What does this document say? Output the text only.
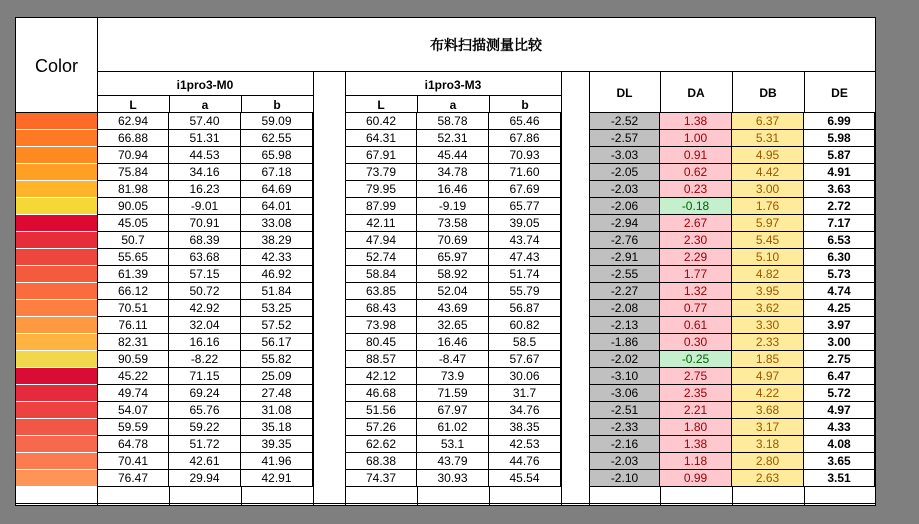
布料扫描测量比较
Color
i1pro3-M0	i1pro3-M3
L	a	b	L	a	b
DL	DA	DB	DE
62.94	57.40	59.09	60.42	58.78	65.46	-2.52	1.38	6.37	6.99
66.88	51.31	62.55	64.31	52.31	67.86	-2.57	1.00	5.31	5.98
70.94	44.53	65.98	67.91	45.44	70.93	-3.03	0.91	4.95	5.87
75.84	34.16	67.18	73.79	34.78	71.60	-2.05	0.62	4.42	4.91
81.98	16.23	64.69	79.95	16.46	67.69	-2.03	0.23	3.00	3.63
90.05	-9.01	64.01	87.99	-9.19	65.77	-2.06	-0.18	1.76	2.72
45.05	70.91	33.08	42.11	73.58	39.05	-2.94	2.67	5.97	7.17
50.7	68.39	38.29	47.94	70.69	43.74	-2.76	2.30	5.45	6.53
55.65	63.68	42.33	52.74	65.97	47.43	-2.91	2.29	5.10	6.30
61.39	57.15	46.92	58.84	58.92	51.74	-2.55	1.77	4.82	5.73
66.12	50.72	51.84	63.85	52.04	55.79	-2.27	1.32	3.95	4.74
70.51	42.92	53.25	68.43	43.69	56.87	-2.08	0.77	3.62	4.25
76.11	32.04	57.52	73.98	32.65	60.82	-2.13	0.61	3.30	3.97
82.31	16.16	56.17	80.45	16.46	58.5	-1.86	0.30	2.33	3.00
90.59	-8.22	55.82	88.57	-8.47	57.67	-2.02	-0.25	1.85	2.75
45.22	71.15	25.09	42.12	73.9	30.06	-3.10	2.75	4.97	6.47
49.74	69.24	27.48	46.68	71.59	31.7	-3.06	2.35	4.22	5.72
54.07	65.76	31.08	51.56	67.97	34.76	-2.51	2.21	3.68	4.97
59.59	59.22	35.18	57.26	61.02	38.35	-2.33	1.80	3.17	4.33
64.78	51.72	39.35	62.62	53.1	42.53	-2.16	1.38	3.18	4.08
70.41	42.61	41.96	68.38	43.79	44.76	-2.03	1.18	2.80	3.65
76.47	29.94	42.91	74.37	30.93	45.54	-2.10	0.99	2.63	3.51
